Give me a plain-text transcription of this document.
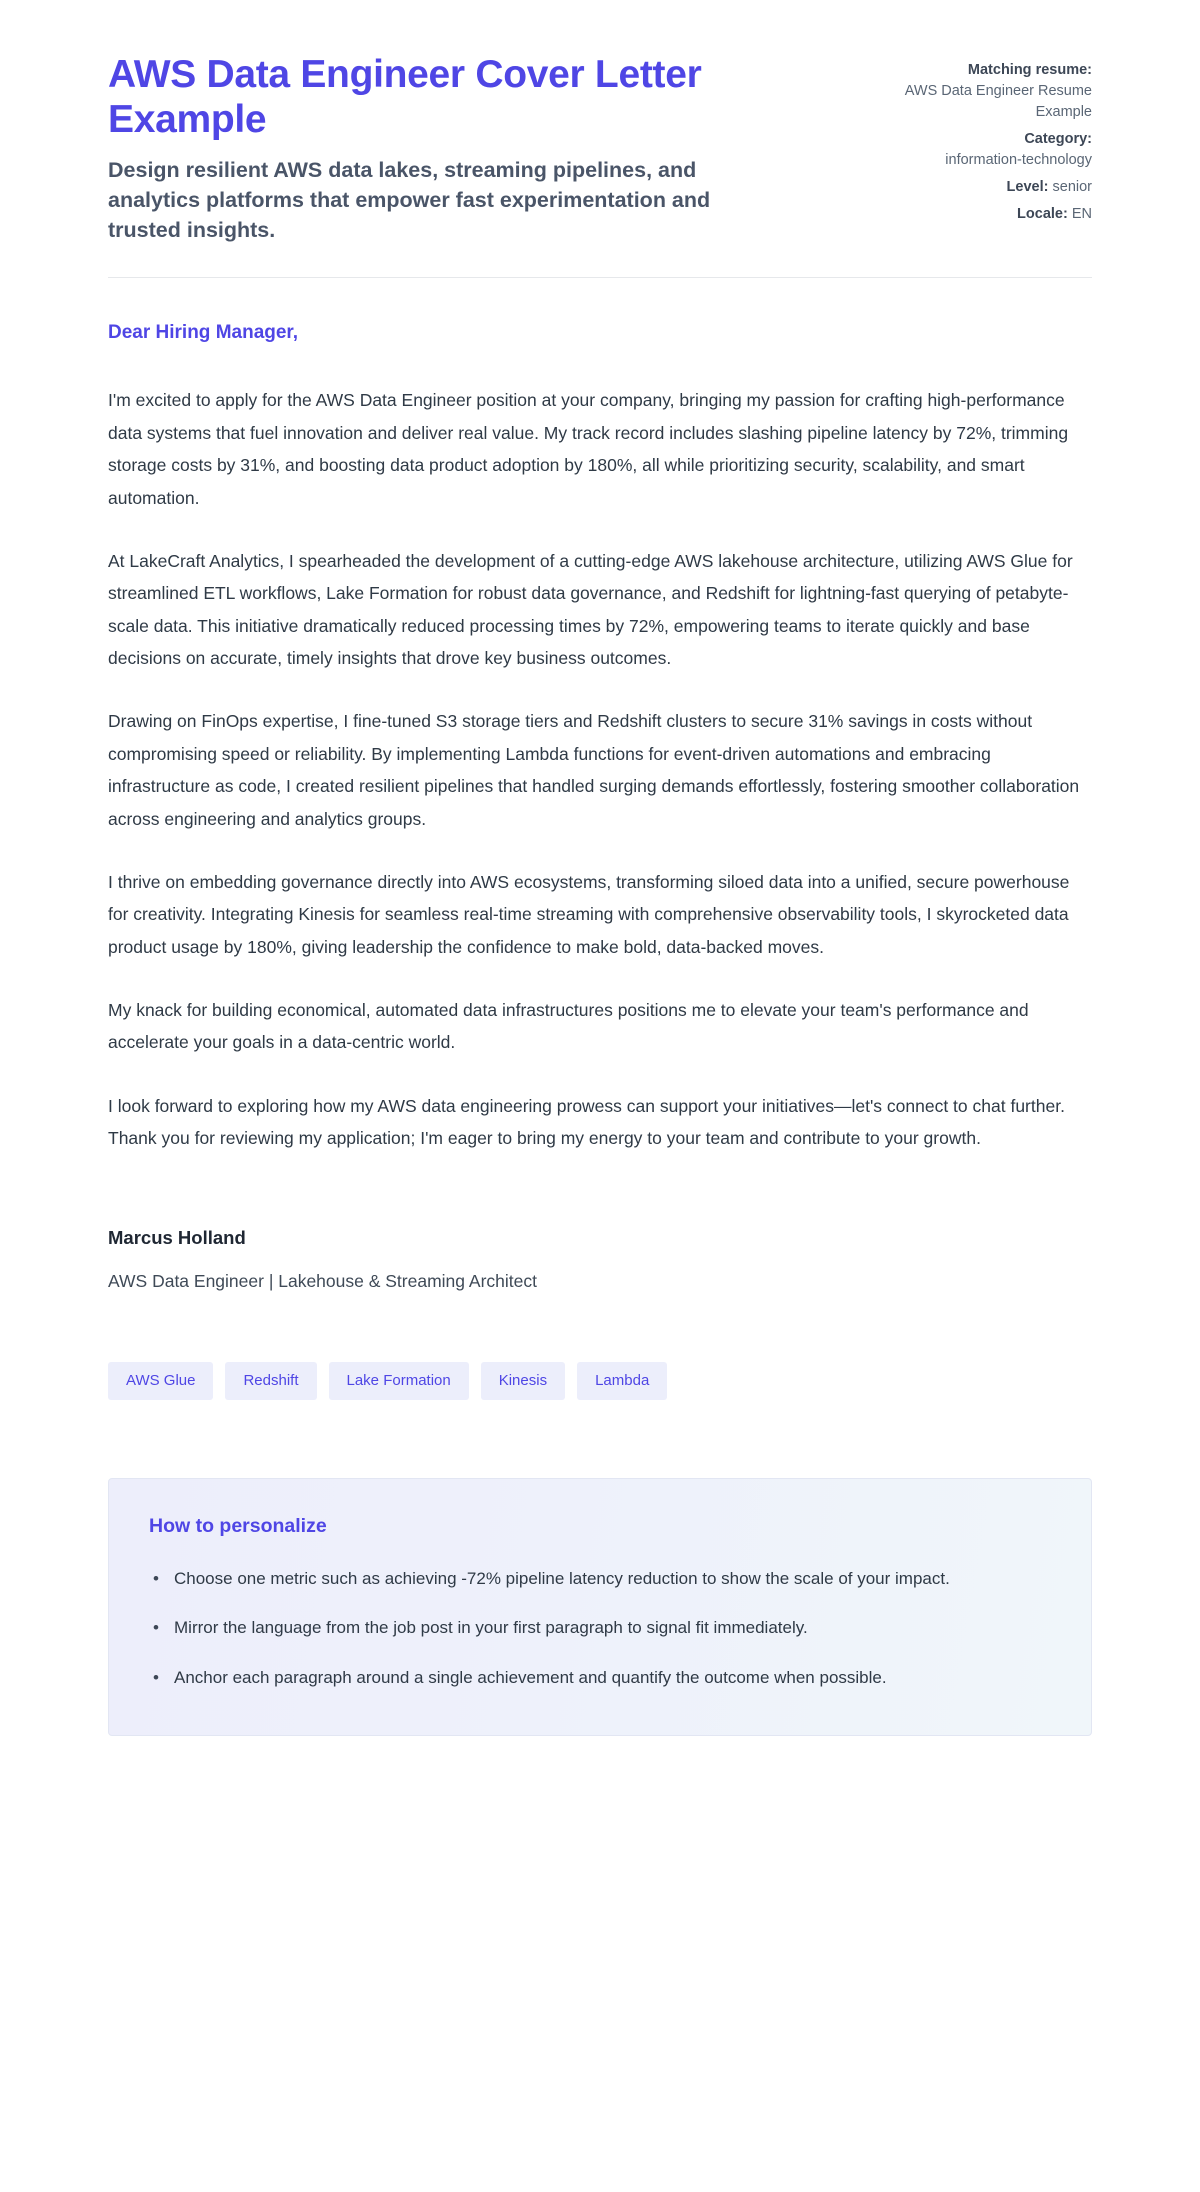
AWS Data Engineer Cover Letter Example
Design resilient AWS data lakes, streaming pipelines, and analytics platforms that empower fast experimentation and trusted insights.
Matching resume:
AWS Data Engineer Resume Example
Category:
information-technology
Level: senior
Locale: EN
Dear Hiring Manager,

I'm excited to apply for the AWS Data Engineer position at your company, bringing my passion for crafting high-performance data systems that fuel innovation and deliver real value. My track record includes slashing pipeline latency by 72%, trimming storage costs by 31%, and boosting data product adoption by 180%, all while prioritizing security, scalability, and smart automation.

At LakeCraft Analytics, I spearheaded the development of a cutting-edge AWS lakehouse architecture, utilizing AWS Glue for streamlined ETL workflows, Lake Formation for robust data governance, and Redshift for lightning-fast querying of petabyte-scale data. This initiative dramatically reduced processing times by 72%, empowering teams to iterate quickly and base decisions on accurate, timely insights that drove key business outcomes.

Drawing on FinOps expertise, I fine-tuned S3 storage tiers and Redshift clusters to secure 31% savings in costs without compromising speed or reliability. By implementing Lambda functions for event-driven automations and embracing infrastructure as code, I created resilient pipelines that handled surging demands effortlessly, fostering smoother collaboration across engineering and analytics groups.

I thrive on embedding governance directly into AWS ecosystems, transforming siloed data into a unified, secure powerhouse for creativity. Integrating Kinesis for seamless real-time streaming with comprehensive observability tools, I skyrocketed data product usage by 180%, giving leadership the confidence to make bold, data-backed moves.

My knack for building economical, automated data infrastructures positions me to elevate your team's performance and accelerate your goals in a data-centric world.

I look forward to exploring how my AWS data engineering prowess can support your initiatives—let's connect to chat further. Thank you for reviewing my application; I'm eager to bring my energy to your team and contribute to your growth.

Marcus Holland
AWS Data Engineer | Lakehouse & Streaming Architect
AWS Glue	Redshift	Lake Formation	Kinesis	Lambda
How to personalize
• Choose one metric such as achieving -72% pipeline latency reduction to show the scale of your impact.
• Mirror the language from the job post in your first paragraph to signal fit immediately.
• Anchor each paragraph around a single achievement and quantify the outcome when possible.
